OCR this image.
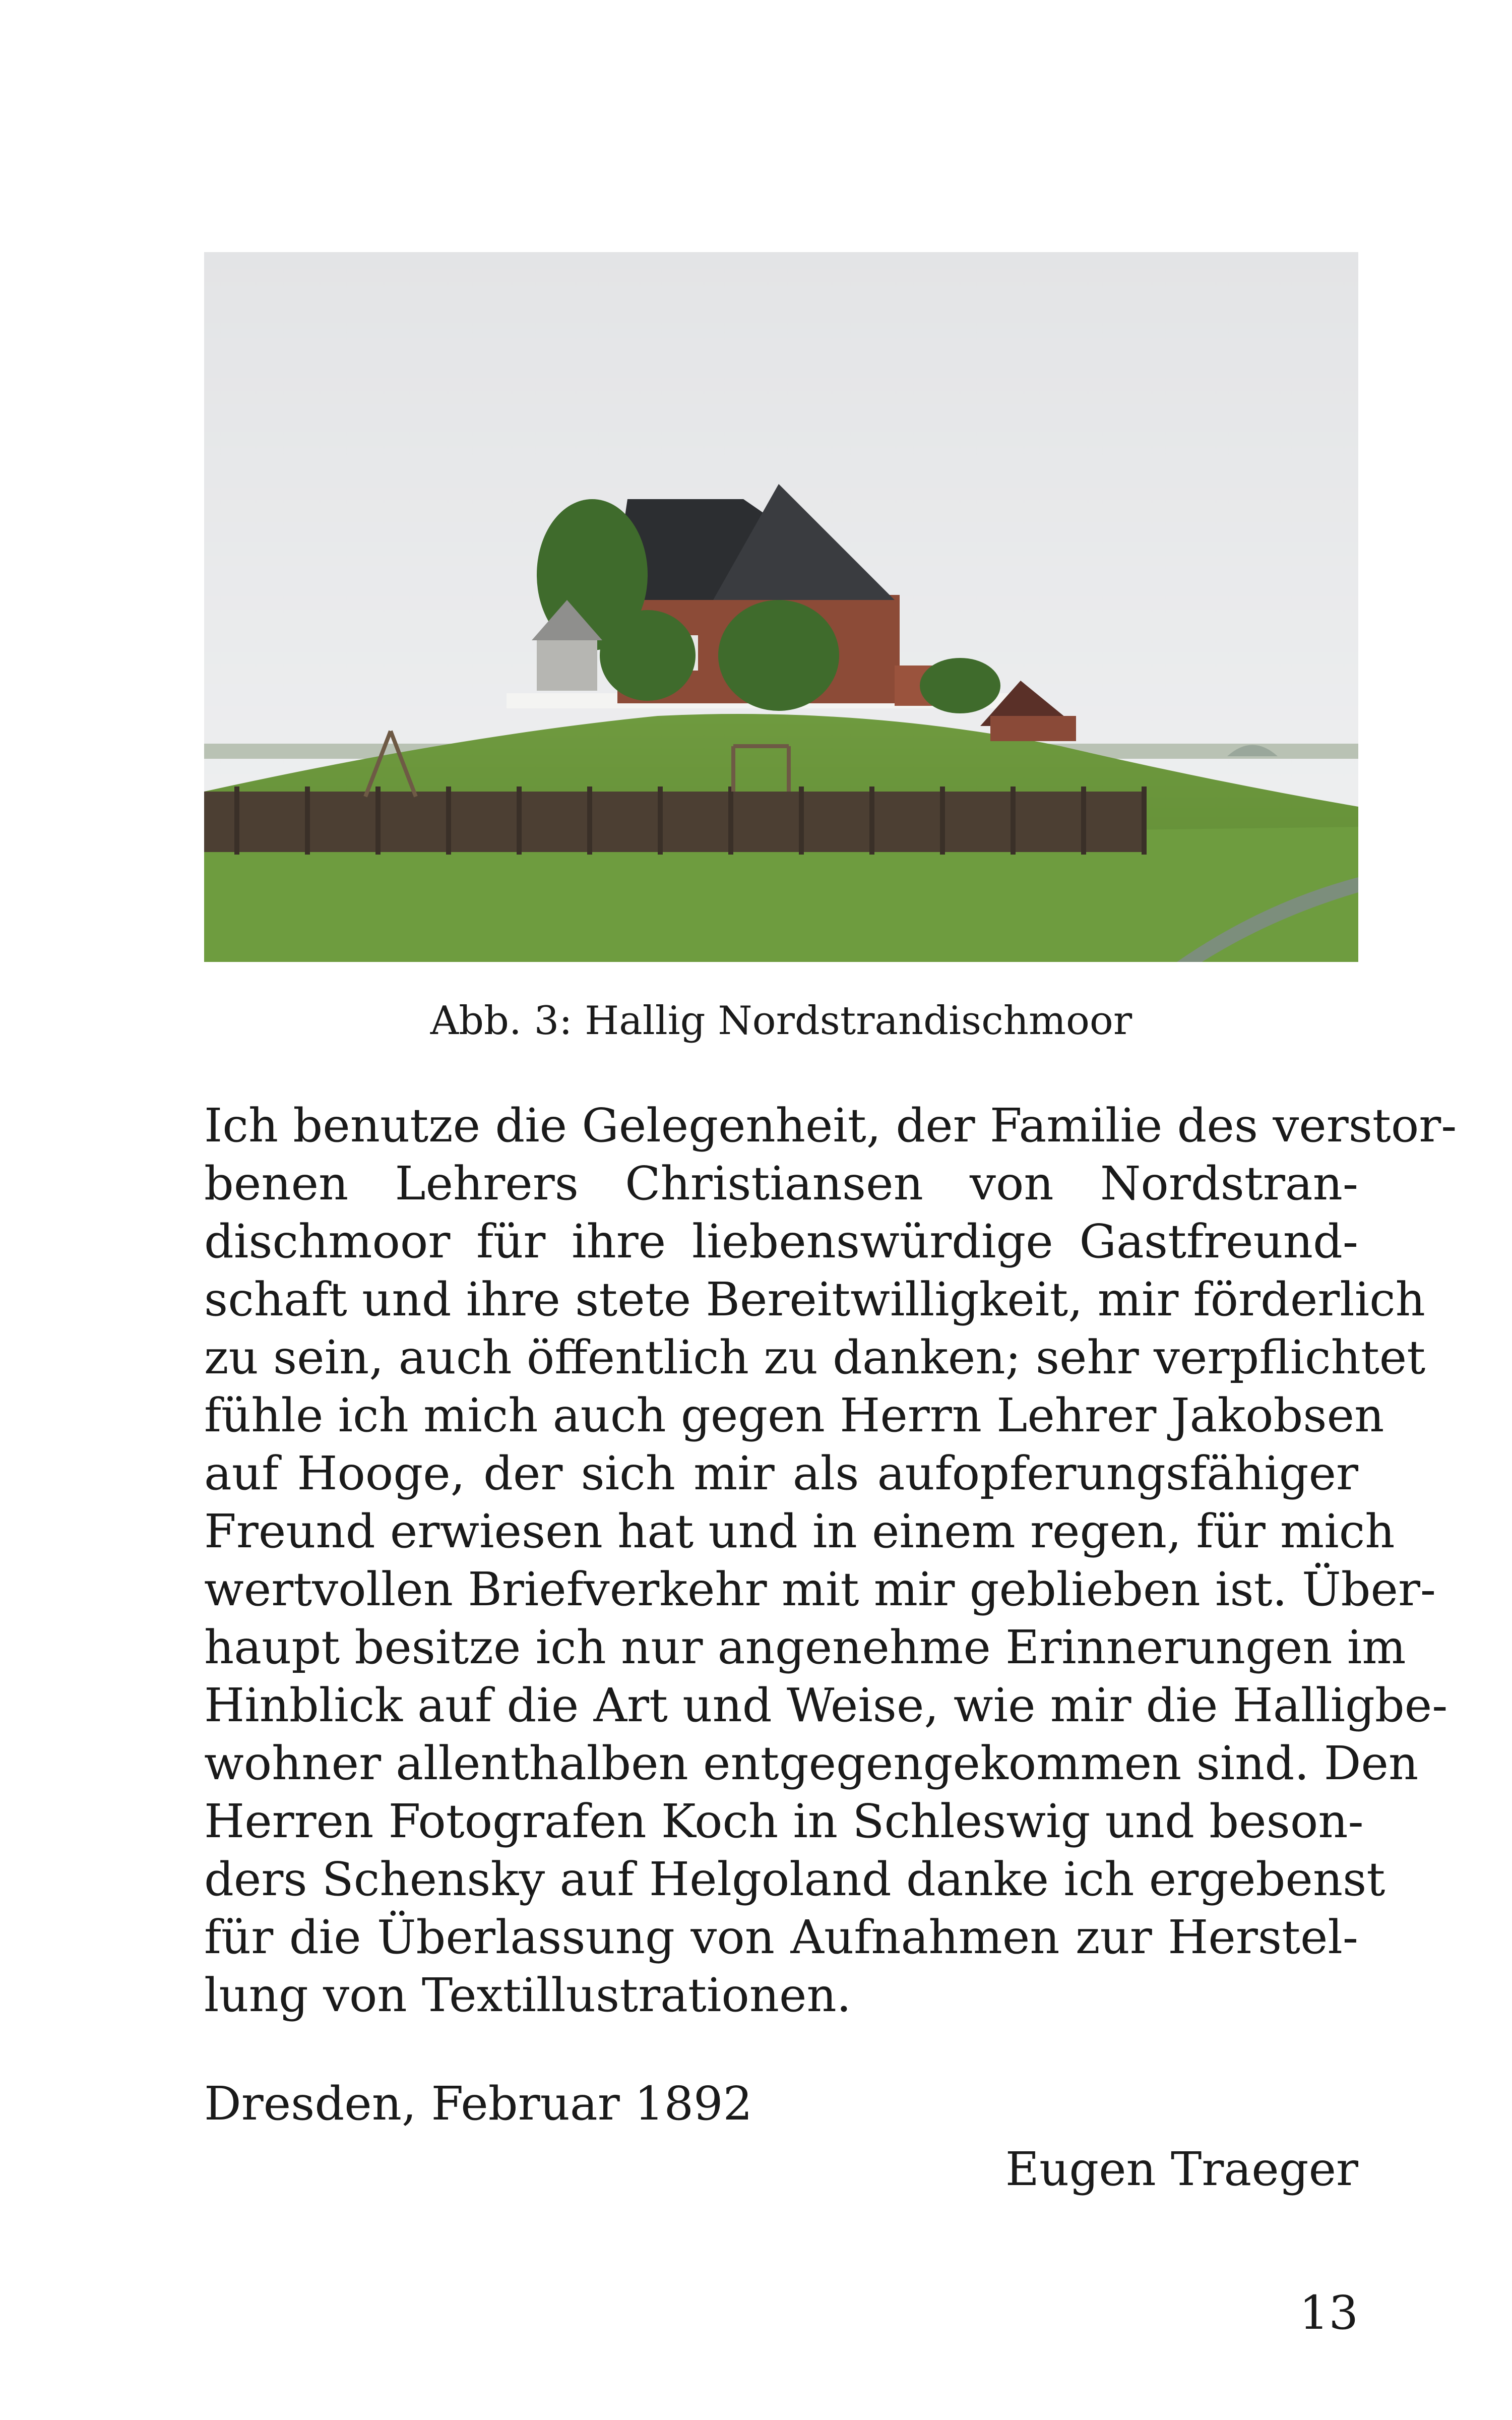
Abb. 3: Hallig Nordstrandischmoor
Ich benutze die Gelegenheit, der Familie des verstor-
benen Lehrers Christiansen von Nordstran-
dischmoor für ihre liebenswürdige Gastfreund-
schaft und ihre stete Bereitwilligkeit, mir förderlich
zu sein, auch öffentlich zu danken; sehr verpflichtet
fühle ich mich auch gegen Herrn Lehrer Jakobsen
auf Hooge, der sich mir als aufopferungsfähiger
Freund erwiesen hat und in einem regen, für mich
wertvollen Briefverkehr mit mir geblieben ist. Über-
haupt besitze ich nur angenehme Erinnerungen im
Hinblick auf die Art und Weise, wie mir die Halligbe-
wohner allenthalben entgegengekommen sind. Den
Herren Fotografen Koch in Schleswig und beson-
ders Schensky auf Helgoland danke ich ergebenst
für die Überlassung von Aufnahmen zur Herstel-
lung von Textillustrationen.
Dresden, Februar 1892
Eugen Traeger
13
